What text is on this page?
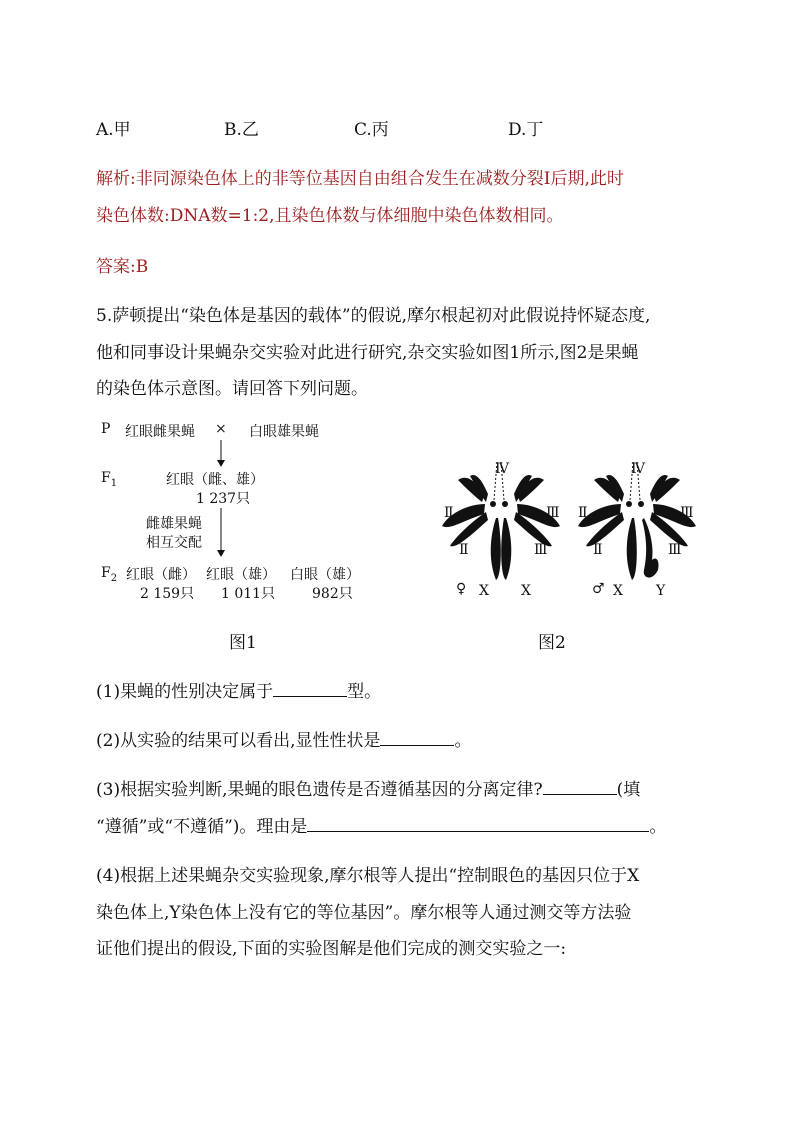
A.甲	B.乙	C.丙	D.丁
解析:非同源染色体上的非等位基因自由组合发生在减数分裂Ⅰ后期,此时
染色体数:DNA数=1:2,且染色体数与体细胞中染色体数相同。
答案:B
5.萨顿提出“染色体是基因的载体”的假说,摩尔根起初对此假说持怀疑态度,
他和同事设计果蝇杂交实验对此进行研究,杂交实验如图1所示,图2是果蝇
的染色体示意图。请回答下列问题。
P 红眼雌果蝇 × 白眼雄果蝇
$F_1$	红眼（雌、雄）
1 237只
雌雄果蝇
相互交配
$F_2$ 红眼（雌） 红眼（雄） 白眼（雄）
2 159只 1 011只	982只
图1
Ⅳ
Ⅱ	Ⅲ
Ⅱ	Ⅲ
♀ X X
Ⅳ
Ⅱ	Ⅲ
Ⅱ	Ⅲ
♂ X Y
图2
(1)果蝇的性别决定属于	型。
(2)从实验的结果可以看出,显性性状是	。
(3)根据实验判断,果蝇的眼色遗传是否遵循基因的分离定律?	(填
“遵循”或“不遵循”)。理由是	。
(4)根据上述果蝇杂交实验现象,摩尔根等人提出“控制眼色的基因只位于X
染色体上,Y染色体上没有它的等位基因”。摩尔根等人通过测交等方法验
证他们提出的假设,下面的实验图解是他们完成的测交实验之一:
